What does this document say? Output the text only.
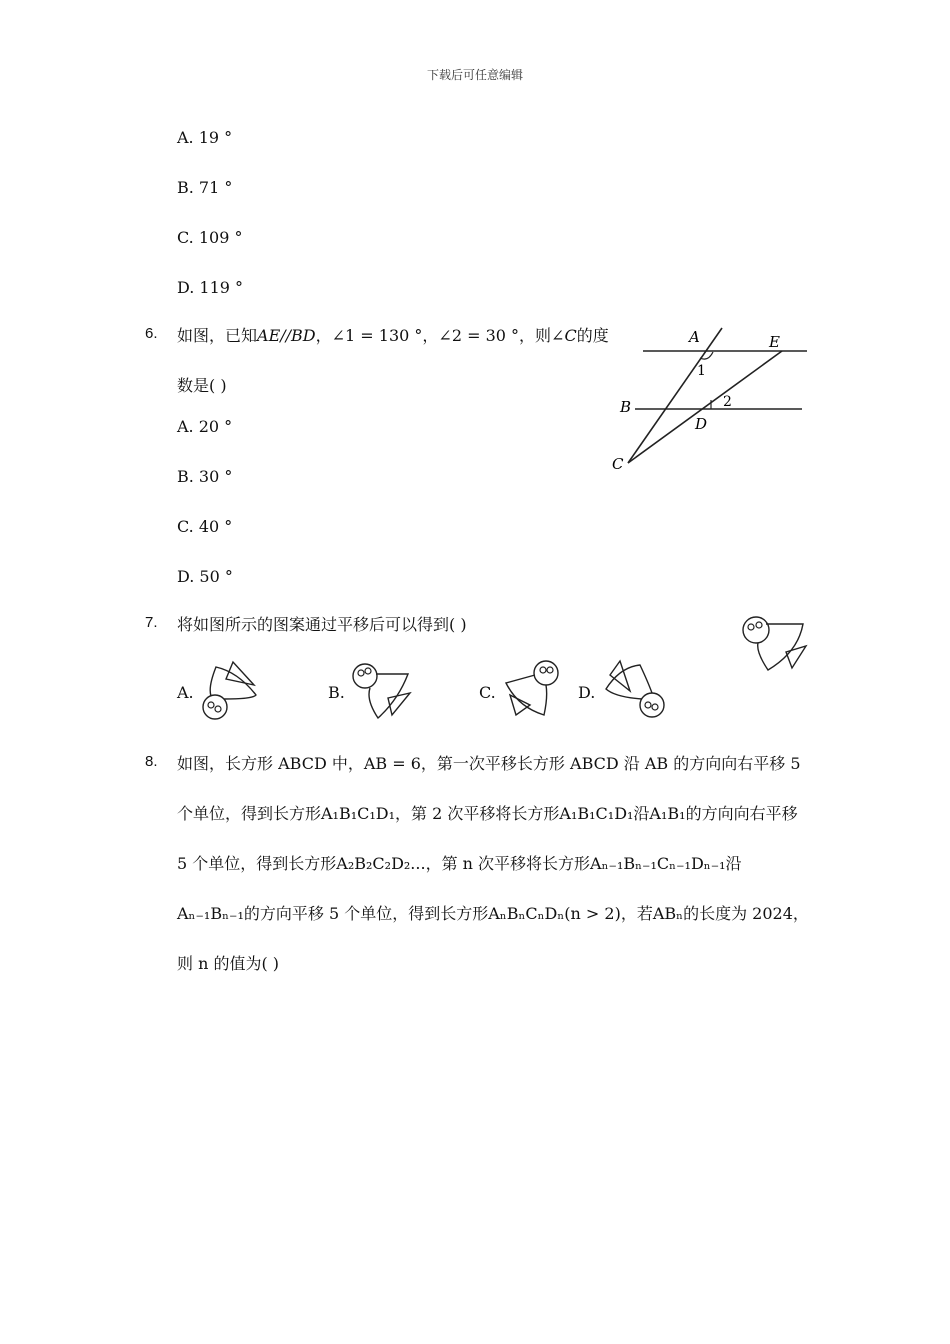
下载后可任意编辑
A. 19 °
B. 71 °
C. 109 °
D. 119 °
6. 如图，已知AE//BD，∠1 = 130 °，∠2 = 30 °，则∠C的度
数是( )
A. 20 °
B. 30 °
C. 40 °
D. 50 °
A	E
B
D
C
1
2
7. 将如图所示的图案通过平移后可以得到( )
A.	B.	C.	D.
8. 如图，长方形 ABCD 中，AB = 6，第一次平移长方形 ABCD 沿 AB 的方向向右平移 5
个单位，得到长方形A₁B₁C₁D₁，第 2 次平移将长方形A₁B₁C₁D₁沿A₁B₁的方向向右平移
5 个单位，得到长方形A₂B₂C₂D₂...，第 n 次平移将长方形Aₙ₋₁Bₙ₋₁Cₙ₋₁Dₙ₋₁沿
Aₙ₋₁Bₙ₋₁的方向平移 5 个单位，得到长方形AₙBₙCₙDₙ(n > 2)，若ABₙ的长度为 2024，
则 n 的值为( )
